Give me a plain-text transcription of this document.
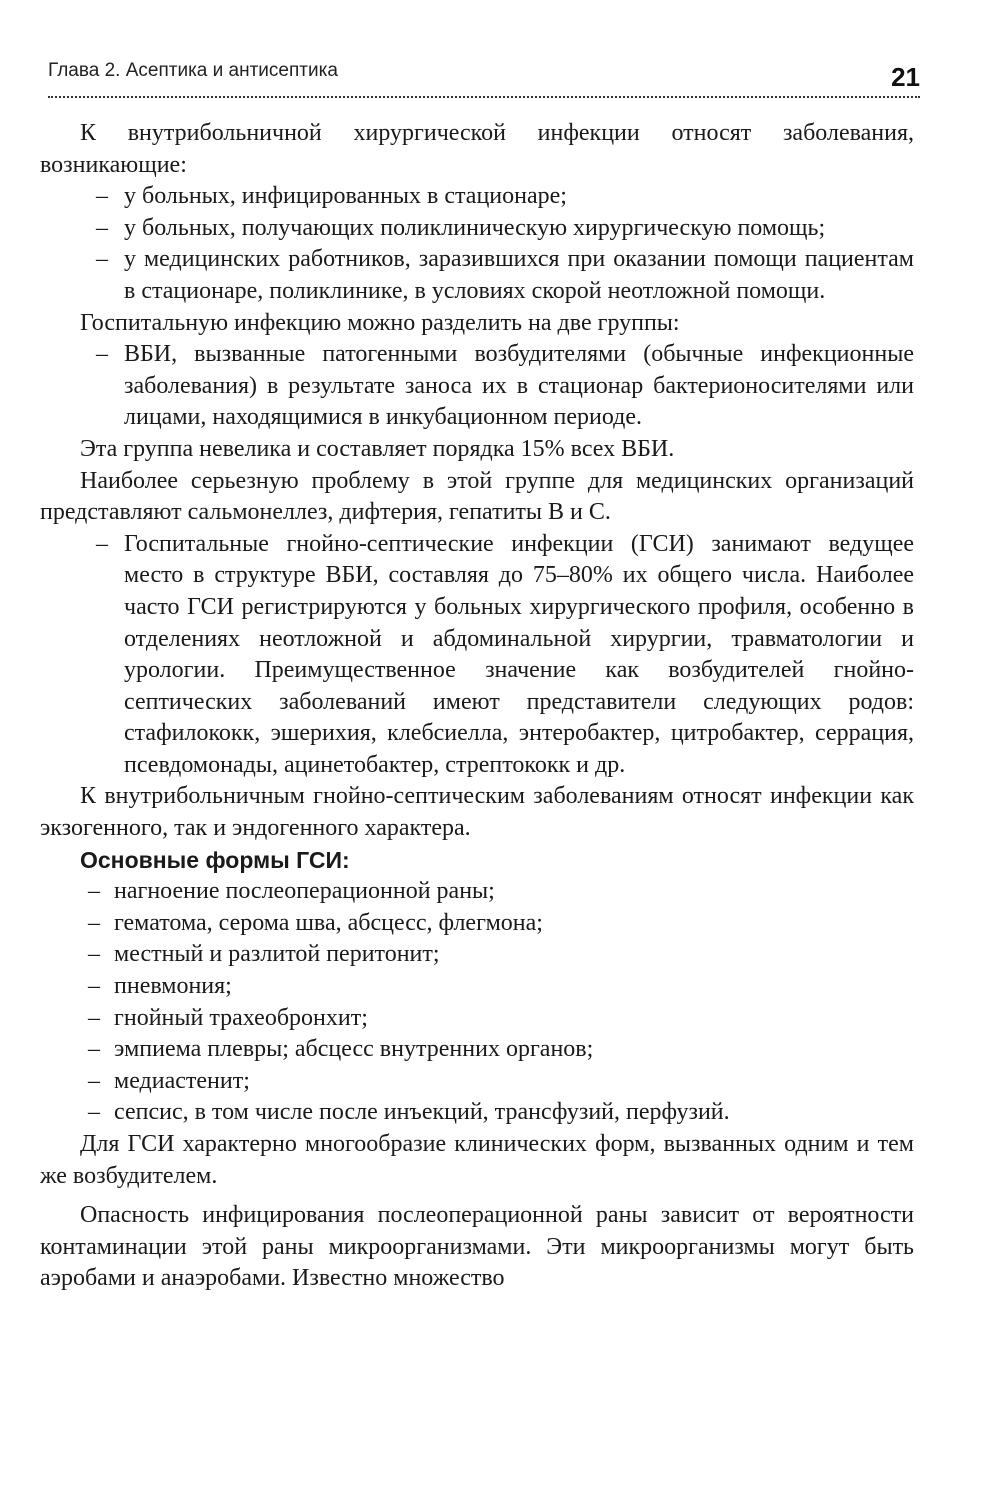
Глава 2. Асептика и антисептика	21

К внутрибольничной хирургической инфекции относят заболевания, возникающие:

– у больных, инфицированных в стационаре;
– у больных, получающих поликлиническую хирургическую помощь;
– у медицинских работников, заразившихся при оказании помощи пациентам в стационаре, поликлинике, в условиях скорой неотложной помощи.

Госпитальную инфекцию можно разделить на две группы:

– ВБИ, вызванные патогенными возбудителями (обычные инфекционные заболевания) в результате заноса их в стационар бактерионосителями или лицами, находящимися в инкубационном периоде.

Эта группа невелика и составляет порядка 15% всех ВБИ.

Наиболее серьезную проблему в этой группе для медицинских организаций представляют сальмонеллез, дифтерия, гепатиты В и С.

– Госпитальные гнойно-септические инфекции (ГСИ) занимают ведущее место в структуре ВБИ, составляя до 75–80% их общего числа. Наиболее часто ГСИ регистрируются у больных хирургического профиля, особенно в отделениях неотложной и абдоминальной хирургии, травматологии и урологии. Преимущественное значение как возбудителей гнойно-септических заболеваний имеют представители следующих родов: стафилококк, эшерихия, клебсиелла, энтеробактер, цитробактер, серрация, псевдомонады, ацинетобактер, стрептококк и др.

К внутрибольничным гнойно-септическим заболеваниям относят инфекции как экзогенного, так и эндогенного характера.

Основные формы ГСИ:

– нагноение послеоперационной раны;
– гематома, серома шва, абсцесс, флегмона;
– местный и разлитой перитонит;
– пневмония;
– гнойный трахеобронхит;
– эмпиема плевры; абсцесс внутренних органов;
– медиастенит;
– сепсис, в том числе после инъекций, трансфузий, перфузий.

Для ГСИ характерно многообразие клинических форм, вызванных одним и тем же возбудителем.

Опасность инфицирования послеоперационной раны зависит от вероятности контаминации этой раны микроорганизмами. Эти микроорганизмы могут быть аэробами и анаэробами. Известно множество
